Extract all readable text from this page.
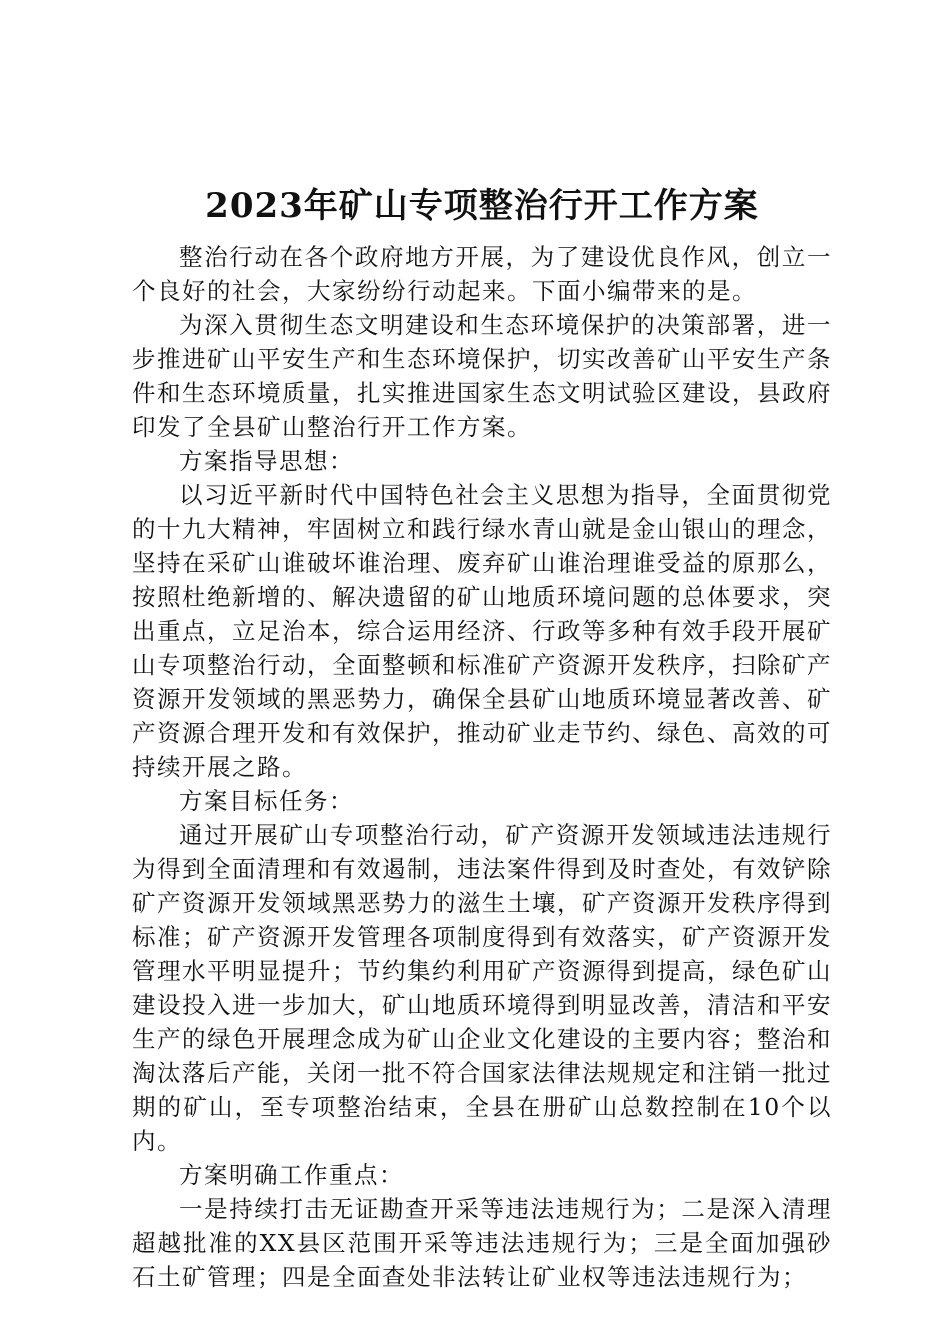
2023年矿山专项整治行开工作方案

整治行动在各个政府地方开展，为了建设优良作风，创立一个良好的社会，大家纷纷行动起来。下面小编带来的是。

为深入贯彻生态文明建设和生态环境保护的决策部署，进一步推进矿山平安生产和生态环境保护，切实改善矿山平安生产条件和生态环境质量，扎实推进国家生态文明试验区建设，县政府印发了全县矿山整治行开工作方案。

方案指导思想：

以习近平新时代中国特色社会主义思想为指导，全面贯彻党的十九大精神，牢固树立和践行绿水青山就是金山银山的理念，坚持在采矿山谁破坏谁治理、废弃矿山谁治理谁受益的原那么，按照杜绝新增的、解决遗留的矿山地质环境问题的总体要求，突出重点，立足治本，综合运用经济、行政等多种有效手段开展矿山专项整治行动，全面整顿和标准矿产资源开发秩序，扫除矿产资源开发领域的黑恶势力，确保全县矿山地质环境显著改善、矿产资源合理开发和有效保护，推动矿业走节约、绿色、高效的可持续开展之路。

方案目标任务：

通过开展矿山专项整治行动，矿产资源开发领域违法违规行为得到全面清理和有效遏制，违法案件得到及时查处，有效铲除矿产资源开发领域黑恶势力的滋生土壤，矿产资源开发秩序得到标准；矿产资源开发管理各项制度得到有效落实，矿产资源开发管理水平明显提升；节约集约利用矿产资源得到提高，绿色矿山建设投入进一步加大，矿山地质环境得到明显改善，清洁和平安生产的绿色开展理念成为矿山企业文化建设的主要内容；整治和淘汰落后产能，关闭一批不符合国家法律法规规定和注销一批过期的矿山，至专项整治结束，全县在册矿山总数控制在10个以内。

方案明确工作重点：

一是持续打击无证勘查开采等违法违规行为；二是深入清理超越批准的XX县区范围开采等违法违规行为；三是全面加强砂石土矿管理；四是全面查处非法转让矿业权等违法违规行为；
